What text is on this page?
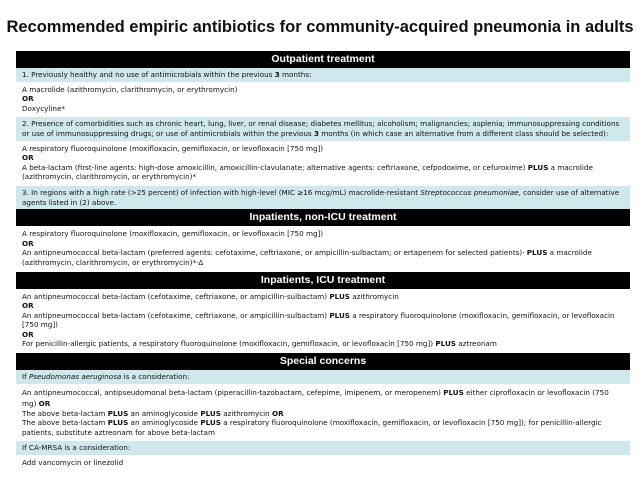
Recommended empiric antibiotics for community-acquired pneumonia in adults
Outpatient treatment
1. Previously healthy and no use of antimicrobials within the previous 3 months:

A macrolide (azithromycin, clarithromycin, or erythromycin)

OR

Doxycyline*

2. Presence of comorbidities such as chronic heart, lung, liver, or renal disease; diabetes mellitus; alcoholism; malignancies; asplenia; immunosuppressing conditions or use of immunosuppressing drugs; or use of antimicrobials within the previous 3 months (in which case an alternative from a different class should be selected):

A respiratory fluoroquinolone (moxifloxacin, gemifloxacin, or levofloxacin [750 mg])

OR

A beta-lactam (first-line agents: high-dose amoxicillin, amoxicillin-clavulanate; alternative agents: ceftriaxone, cefpodoxime, or cefuroxime) PLUS a macrolide (azithromycin, clarithromycin, or erythromycin)*

3. In regions with a high rate (>25 percent) of infection with high-level (MIC ≥16 mcg/mL) macrolide-resistant Streptococcus pneumoniae, consider use of alternative agents listed in (2) above.
Inpatients, non-ICU treatment

A respiratory fluoroquinolone (moxifloxacin, gemifloxacin, or levofloxacin [750 mg])

OR

An antipneumococcal beta-lactam (preferred agents: cefotaxime, ceftriaxone, or ampicillin-sulbactam; or ertapenem for selected patients)· PLUS a macrolide (azithromycin, clarithromycin, or erythromycin)*·Δ

Inpatients, ICU treatment

An antipneumococcal beta-lactam (cefotaxime, ceftriaxone, or ampicillin-sulbactam) PLUS azithromycin

OR

An antipneumococcal beta-lactam (cefotaxime, ceftriaxone, or ampicillin-sulbactam) PLUS a respiratory fluoroquinolone (moxifloxacin, gemifloxacin, or levofloxacin [750 mg])

OR

For penicillin-allergic patients, a respiratory fluoroquinolone (moxifloxacin, gemifloxacin, or levofloxacin [750 mg]) PLUS aztreonam

Special concerns
If Pseudomonas aeruginosa is a consideration:

An antipneumococcal, antipseudomonal beta-lactam (piperacillin-tazobactam, cefepime, imipenem, or meropenem) PLUS either ciprofloxacin or levofloxacin (750 mg) OR

The above beta-lactam PLUS an aminoglycoside PLUS azithromycin OR

The above beta-lactam PLUS an aminoglycoside PLUS a respiratory fluoroquinolone (moxifloxacin, gemifloxacin, or levofloxacin [750 mg]); for penicillin-allergic patients, substitute aztreonam for above beta-lactam

If CA-MRSA is a consideration:

Add vancomycin or linezolid
